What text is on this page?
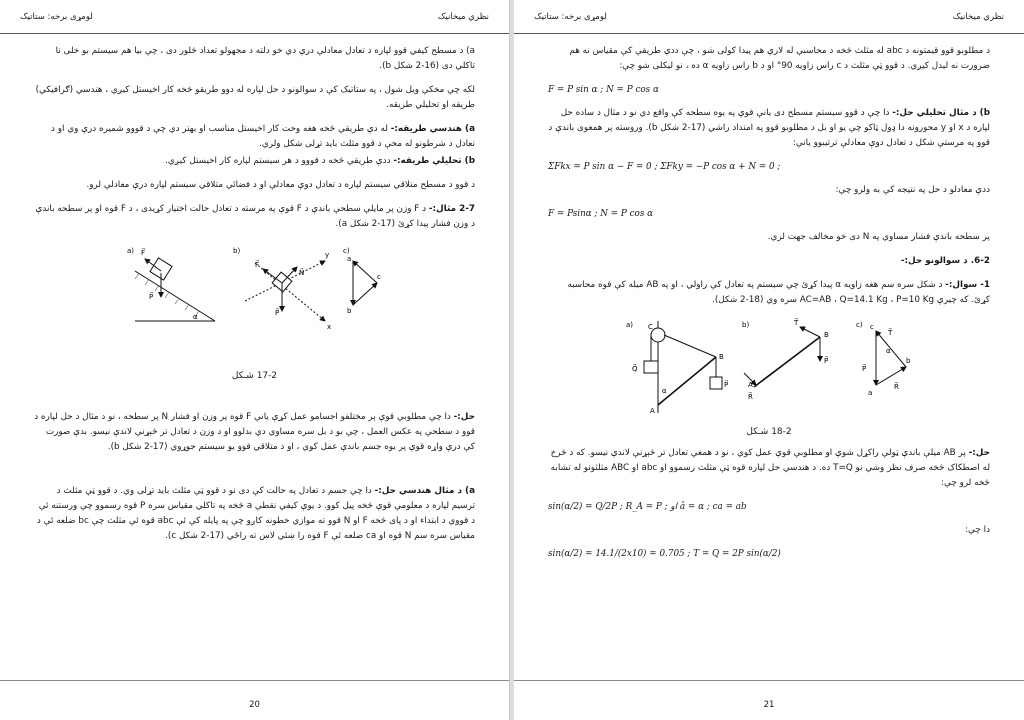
لومړی برخه: ستاتیک	نظري میخانیک

a) د مسطح کیفي قوو لپاره د تعادل معادلې درې دي خو دلته د مجهولو تعداد څلور دی ، چې بیا هم سیستم بو خلی نا تاکلي دی (16-2 شکل b).

لکه چې مخکې ویل شول ، په ستاتیک کې د سوالونو د حل لپاره له دوو طریقو څخه کار اخیستل کیږي ، هندسي (ګرافیکي) طریقه او تحلیلي طریقه.

a) هندسي طریقه:- له دې طریقې څخه هغه وخت کار اخیستل مناسب او بهتر دي چې د قووو شمیره درې وي او د تعادل د شرطونو له مخې د قوو مثلث باید تړلی شکل ولري.

b) تحلیلي طریقه:- ددې طریقې څخه د قووو د هر سیستم لپاره کار اخیستل کیږي.

د قوو د مسطح متلاقي سیستم لپاره د تعادل دوې معادلې او د فضائي متلاقي سیستم لپاره درې معادلې لرو.

2-7 مثال:- د F وزن پر مایلې سطحې باندې د F قوې په مرسته د تعادل حالت اختیار کړیدی ، د F قوه او پر سطحه باندې د وزن فشار پیدا کړئ (17-2 شکل a).

a) F⃗
P⃗
α
b)
F⃗
N⃗
P⃗
y
x
c)
a
b
c
17-2 شـکل

حل:- دا چې مطلوبې قوې پر مختلفو اجسامو عمل کړې یانې F قوه پر وزن او فشار N پر سطحه ، نو د مثال د حل لپاره د قوو د سطحې په عکس العمل ، چې بو د بل سره مساوي دي بدلوو او د وزن د تعادل تر څېړنې لاندې نیسو. بدې صورت کې درې واړه قوې پر یوه جسم باندې عمل کوي ، او د متلاقي قوو یو سیستم جوړوي (17-2 شکل b).

a) د مثال هندسي حل:- دا چې جسم د تعادل په حالت کې دی نو د قوو ټې مثلث باید تړلی وي. د قوو ټې مثلث د ترسیم لپاره د معلومې قوې څخه پیل کوو. د یوې کیفي نقطې a څخه په تاکلي مقیاس سره P قوه رسموو چې ورستنه ئې د قووي د ابتداء او د پای څخه F او N قوو ته موازي خطونه کاږو چې په پایله کې ئې abc قوه ئې مثلث چې bc ضلعه ئې د مقیاس سره سم N قوه او ca ضلعه ئې F قوه را ښئي لاس ته راځي (17-2 شکل c).

20
لومړی برخه: ستاتیک	نظري میخانیک

د مطلوبو قوو قیمتونه د abc له مثلث څخه د محاسبې له لارې هم پیدا کولی شو ، چې ددې طریقې کې مقیاس نه هم ضرورت نه لیدل کیږي. د قوو ټې مثلث د c راس زاویه 90° او د b راس زاویه α ده ، نو لیکلی شو چې:

F = P sin α ; N = P cos α

b) د مثال تحلیلي حل:- دا چې د قوو سیستم مسطح دی یانې قوې په یوه سطحه کې واقع دي نو د مثال د ساده حل لپاره د x او y محورونه دا ډول ټاکو چې یو او بل د مطلوبو قوو په امتداد راشي (17-2 شکل b). وروسته پر همغوی باندې د قوو په مرستې شکل د تعادل دوې معادلې ترتیبوو یانې:

ΣFkx = P sin α − F = 0 ; ΣFky = −P cos α + N = 0 ;

ددې معادلو د حل په نتیجه کې به ولرو چې:

F = Psinα ; N = P cos α

پر سطحه باندې فشار مساوي په N دی خو مخالف جهت لري.

6-2. د سوالونو حل:-

1- سوال:- د شکل سره سم هغه زاویه α پیدا کړئ چې سیستم په تعادل کې راولي ، او په AB میله کې قوه محاسبه کړئ. که چیرې AC=AB ، Q=14.1 Kg ، P=10 Kg سره وي (18-2 شکل).

a) C
A
B
Q⃗
P⃗
α
b)	T⃗
B
P⃗
R⃗
A
c) c
a
b
α
P⃗
R⃗
T⃗
18-2 شـکل

حل:- پر AB میلې باندې ټولې راکړل شوې او مطلوبې قوې عمل کوي ، نو د همغې تعادل تر څېړنې لاندې نیسو. که د څرخ له اصطکاک څخه صرف نظر وشي نو T=Q ده. د هندسي حل لپاره قوه ټې مثلث رسموو او abc او ABC مثلثونو له تشابه څخه لرو چې:

sin(α/2) = Q/2P ; R_A = P ; او â = α ; ca = ab

دا چې:

sin(α/2) = 14.1/(2x10) = 0.705 ; T = Q = 2P sin(α/2)
21
